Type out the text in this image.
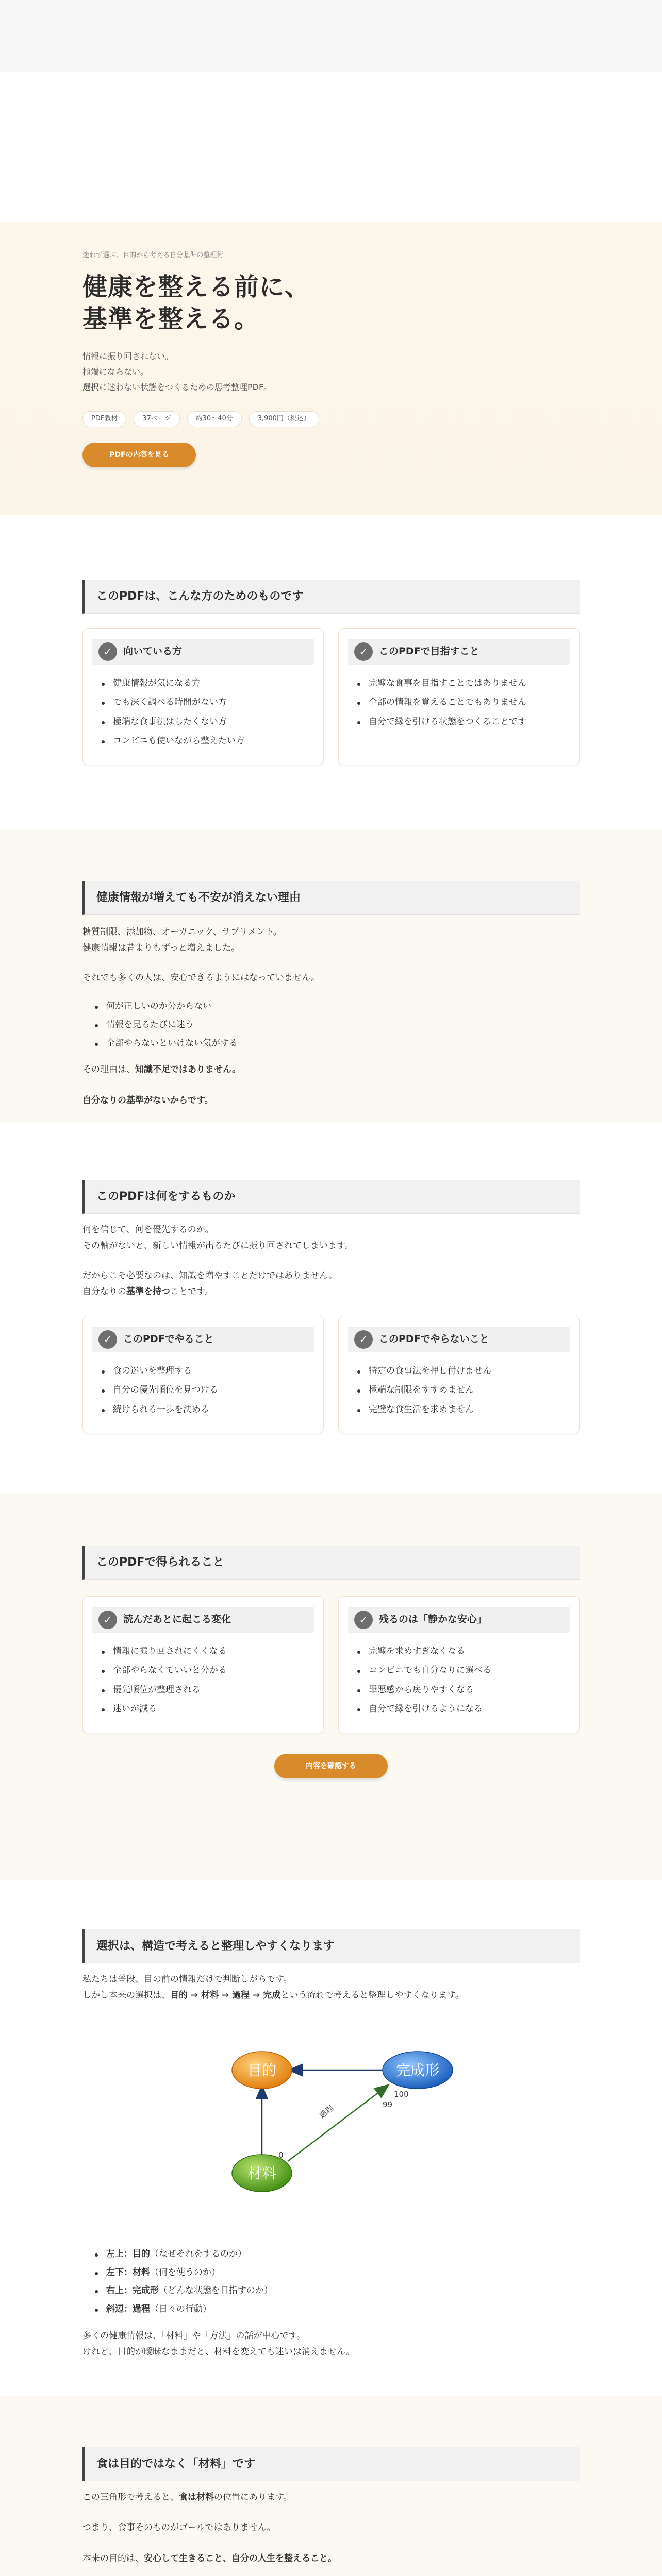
迷わず選ぶ、目的から考える自分基準の整理術
健康を整える前に、
基準を整える。
情報に振り回されない。
極端にならない。
選択に迷わない状態をつくるための思考整理PDF。
PDF教材	37ページ	約30〜40分	3,900円（税込）
PDFの内容を見る
このPDFは、こんな方のためのものです
✓	向いている方
健康情報が気になる方
でも深く調べる時間がない方
極端な食事法はしたくない方
コンビニも使いながら整えたい方
✓	このPDFで目指すこと
完璧な食事を目指すことではありません
全部の情報を覚えることでもありません
自分で縁を引ける状態をつくることです
健康情報が増えても不安が消えない理由

糖質制限、添加物、オーガニック、サプリメント。

健康情報は昔よりもずっと増えました。

それでも多くの人は、安心できるようにはなっていません。

何が正しいのか分からない
情報を見るたびに迷う
全部やらないといけない気がする

その理由は、知識不足ではありません。

自分なりの基準がないからです。

このPDFは何をするものか

何を信じて、何を優先するのか。

その軸がないと、新しい情報が出るたびに振り回されてしまいます。

だからこそ必要なのは、知識を増やすことだけではありません。

自分なりの基準を持つことです。

✓	このPDFでやること
食の迷いを整理する
自分の優先順位を見つける
続けられる一歩を決める
✓	このPDFでやらないこと
特定の食事法を押し付けません
極端な制限をすすめません
完璧な食生活を求めません
このPDFで得られること
✓	読んだあとに起こる変化
情報に振り回されにくくなる
全部やらなくていいと分かる
優先順位が整理される
迷いが減る
✓	残るのは「静かな安心」
完璧を求めすぎなくなる
コンビニでも自分なりに選べる
罪悪感から戻りやすくなる
自分で縁を引けるようになる
内容を確認する
選択は、構造で考えると整理しやすくなります

私たちは普段、目の前の情報だけで判断しがちです。

しかし本来の選択は、目的 → 材料 → 過程 → 完成という流れで考えると整理しやすくなります。

目的	完成形
材料
過程
0
100
99
左上：目的（なぜそれをするのか）
左下：材料（何を使うのか）
右上：完成形（どんな状態を目指すのか）
斜辺：過程（日々の行動）

多くの健康情報は、「材料」や「方法」の話が中心です。

けれど、目的が曖昧なままだと、材料を変えても迷いは消えません。

食は目的ではなく「材料」です

この三角形で考えると、食は材料の位置にあります。

つまり、食事そのものがゴールではありません。

本来の目的は、安心して生きること、自分の人生を整えること。
